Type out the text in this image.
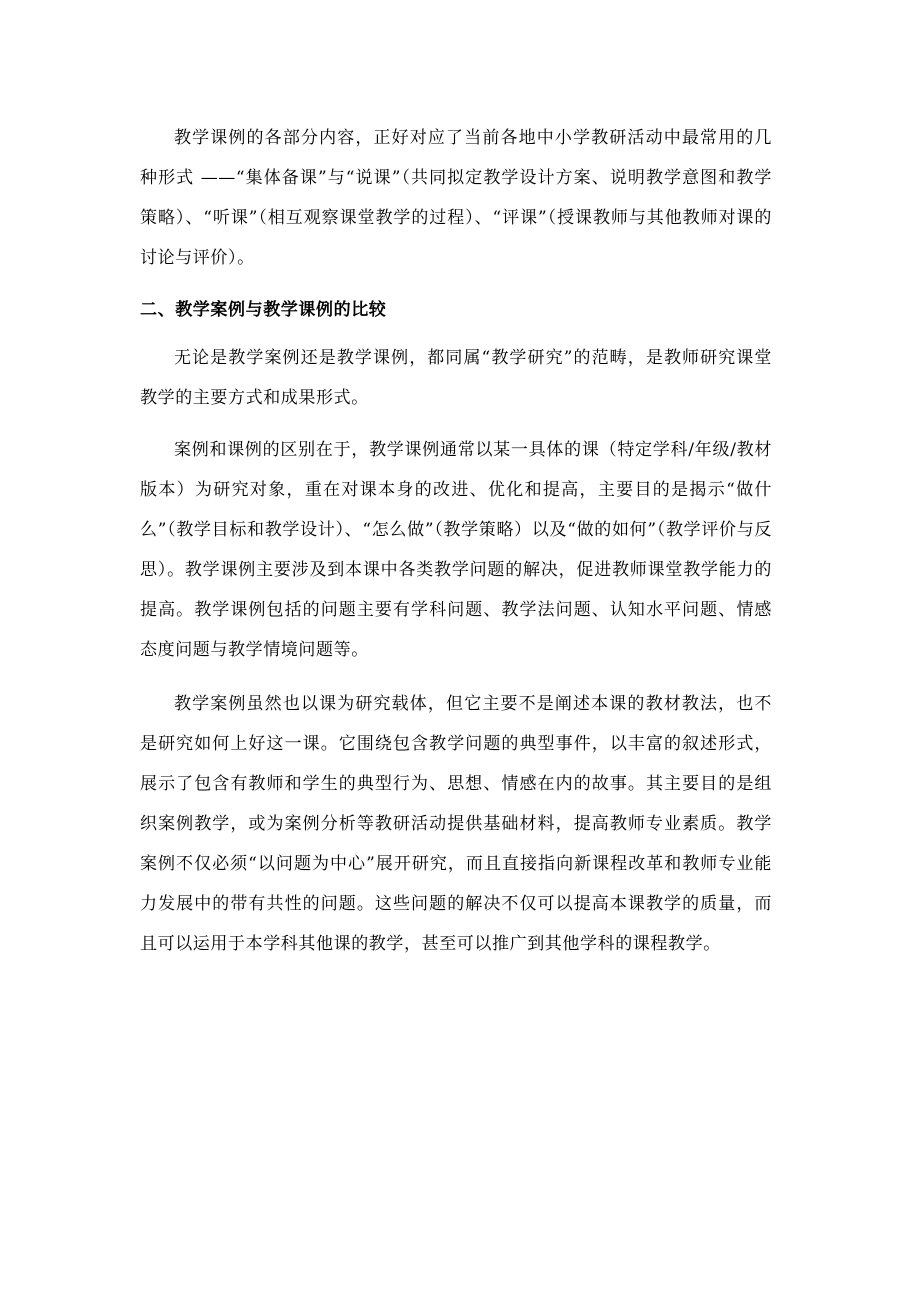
教学课例的各部分内容，正好对应了当前各地中小学教研活动中最常用的几种形式 ——“集体备课”与“说课”（共同拟定教学设计方案、说明教学意图和教学策略）、“听课”（相互观察课堂教学的过程）、“评课”（授课教师与其他教师对课的讨论与评价）。

二、教学案例与教学课例的比较

无论是教学案例还是教学课例，都同属“教学研究”的范畴，是教师研究课堂教学的主要方式和成果形式。

案例和课例的区别在于，教学课例通常以某一具体的课（特定学科/年级/教材版本）为研究对象，重在对课本身的改进、优化和提高，主要目的是揭示“做什么”（教学目标和教学设计）、“怎么做”（教学策略）以及“做的如何”（教学评价与反思）。教学课例主要涉及到本课中各类教学问题的解决，促进教师课堂教学能力的提高。教学课例包括的问题主要有学科问题、教学法问题、认知水平问题、情感态度问题与教学情境问题等。

教学案例虽然也以课为研究载体，但它主要不是阐述本课的教材教法，也不是研究如何上好这一课。它围绕包含教学问题的典型事件，以丰富的叙述形式，展示了包含有教师和学生的典型行为、思想、情感在内的故事。其主要目的是组织案例教学，或为案例分析等教研活动提供基础材料，提高教师专业素质。教学案例不仅必须“以问题为中心”展开研究，而且直接指向新课程改革和教师专业能力发展中的带有共性的问题。这些问题的解决不仅可以提高本课教学的质量，而且可以运用于本学科其他课的教学，甚至可以推广到其他学科的课程教学。
